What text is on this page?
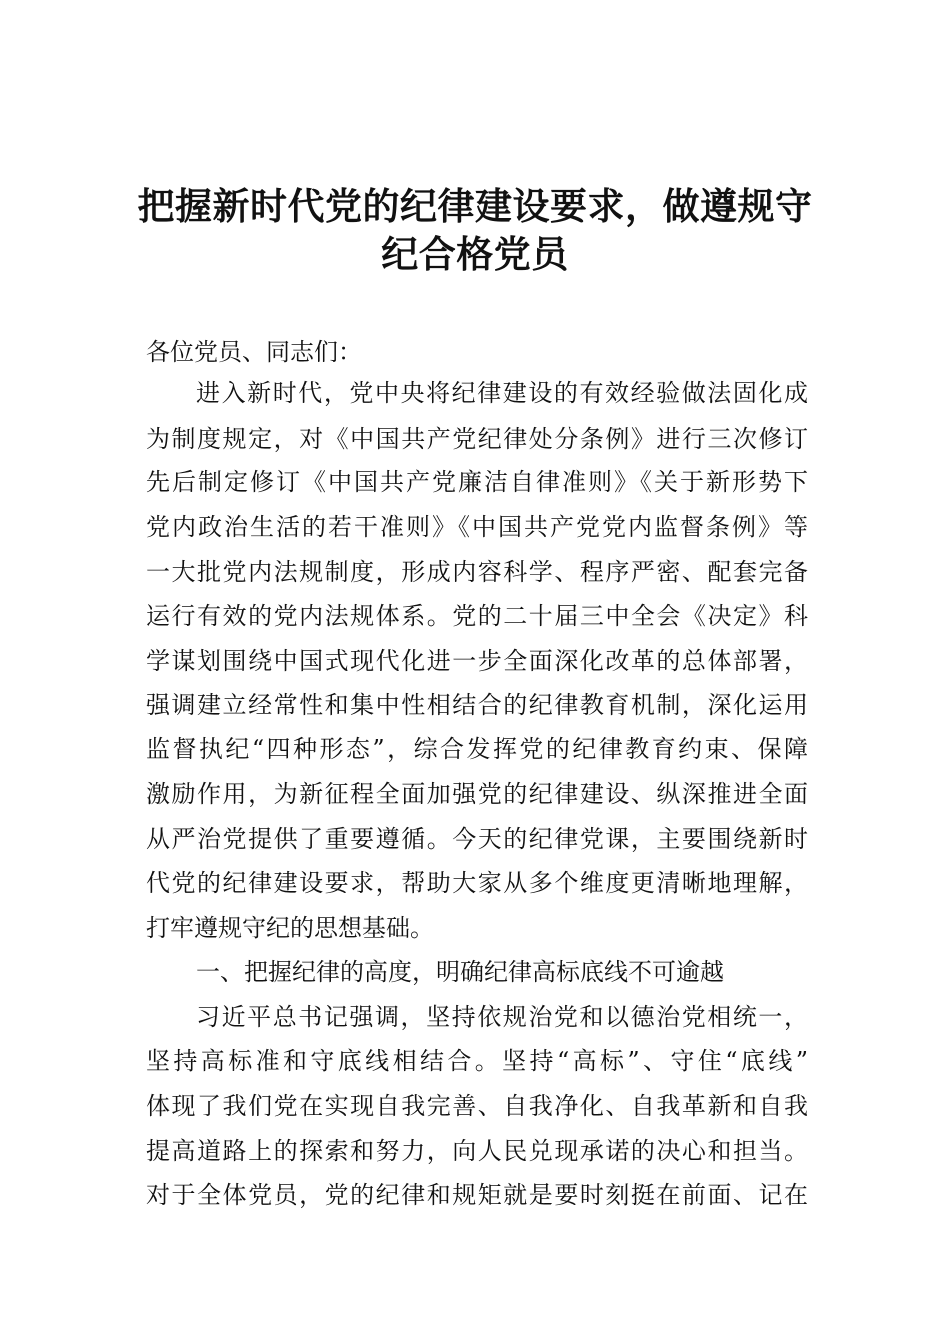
把握新时代党的纪律建设要求，做遵规守
纪合格党员
各位党员、同志们：
进入新时代，党中央将纪律建设的有效经验做法固化成
为制度规定，对《中国共产党纪律处分条例》进行三次修订
先后制定修订《中国共产党廉洁自律准则》《关于新形势下
党内政治生活的若干准则》《中国共产党党内监督条例》等
一大批党内法规制度，形成内容科学、程序严密、配套完备
运行有效的党内法规体系。党的二十届三中全会《决定》科
学谋划围绕中国式现代化进一步全面深化改革的总体部署，
强调建立经常性和集中性相结合的纪律教育机制，深化运用
监督执纪“四种形态”，综合发挥党的纪律教育约束、保障
激励作用，为新征程全面加强党的纪律建设、纵深推进全面
从严治党提供了重要遵循。今天的纪律党课，主要围绕新时
代党的纪律建设要求，帮助大家从多个维度更清晰地理解，
打牢遵规守纪的思想基础。
一、把握纪律的高度，明确纪律高标底线不可逾越
习近平总书记强调，坚持依规治党和以德治党相统一，
坚持高标准和守底线相结合。坚持“高标”、守住“底线”
体现了我们党在实现自我完善、自我净化、自我革新和自我
提高道路上的探索和努力，向人民兑现承诺的决心和担当。
对于全体党员，党的纪律和规矩就是要时刻挺在前面、记在
